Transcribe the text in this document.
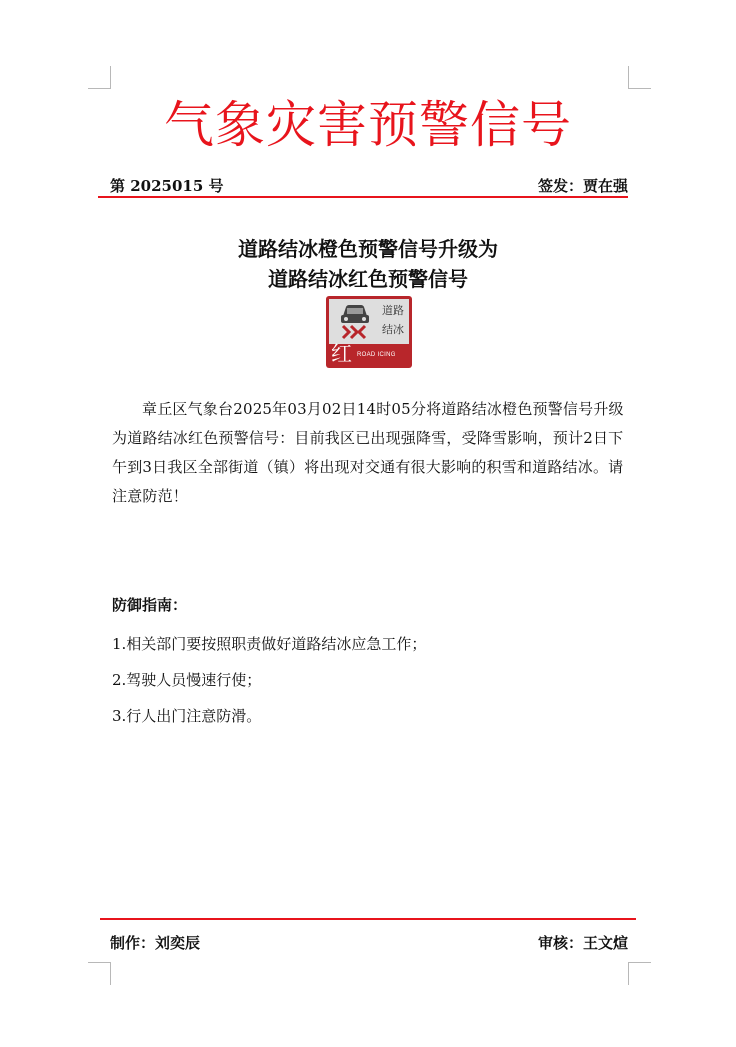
气象灾害预警信号
第 2025015 号	签发：贾在强
道路结冰橙色预警信号升级为
道路结冰红色预警信号
道路
结冰
红 ROAD ICING

章丘区气象台2025年03月02日14时05分将道路结冰橙色预警信号升级为道路结冰红色预警信号：目前我区已出现强降雪，受降雪影响，预计2日下午到3日我区全部街道（镇）将出现对交通有很大影响的积雪和道路结冰。请注意防范！

防御指南：
1.相关部门要按照职责做好道路结冰应急工作；
2.驾驶人员慢速行使；
3.行人出门注意防滑。
制作：刘奕辰	审核：王文煊
